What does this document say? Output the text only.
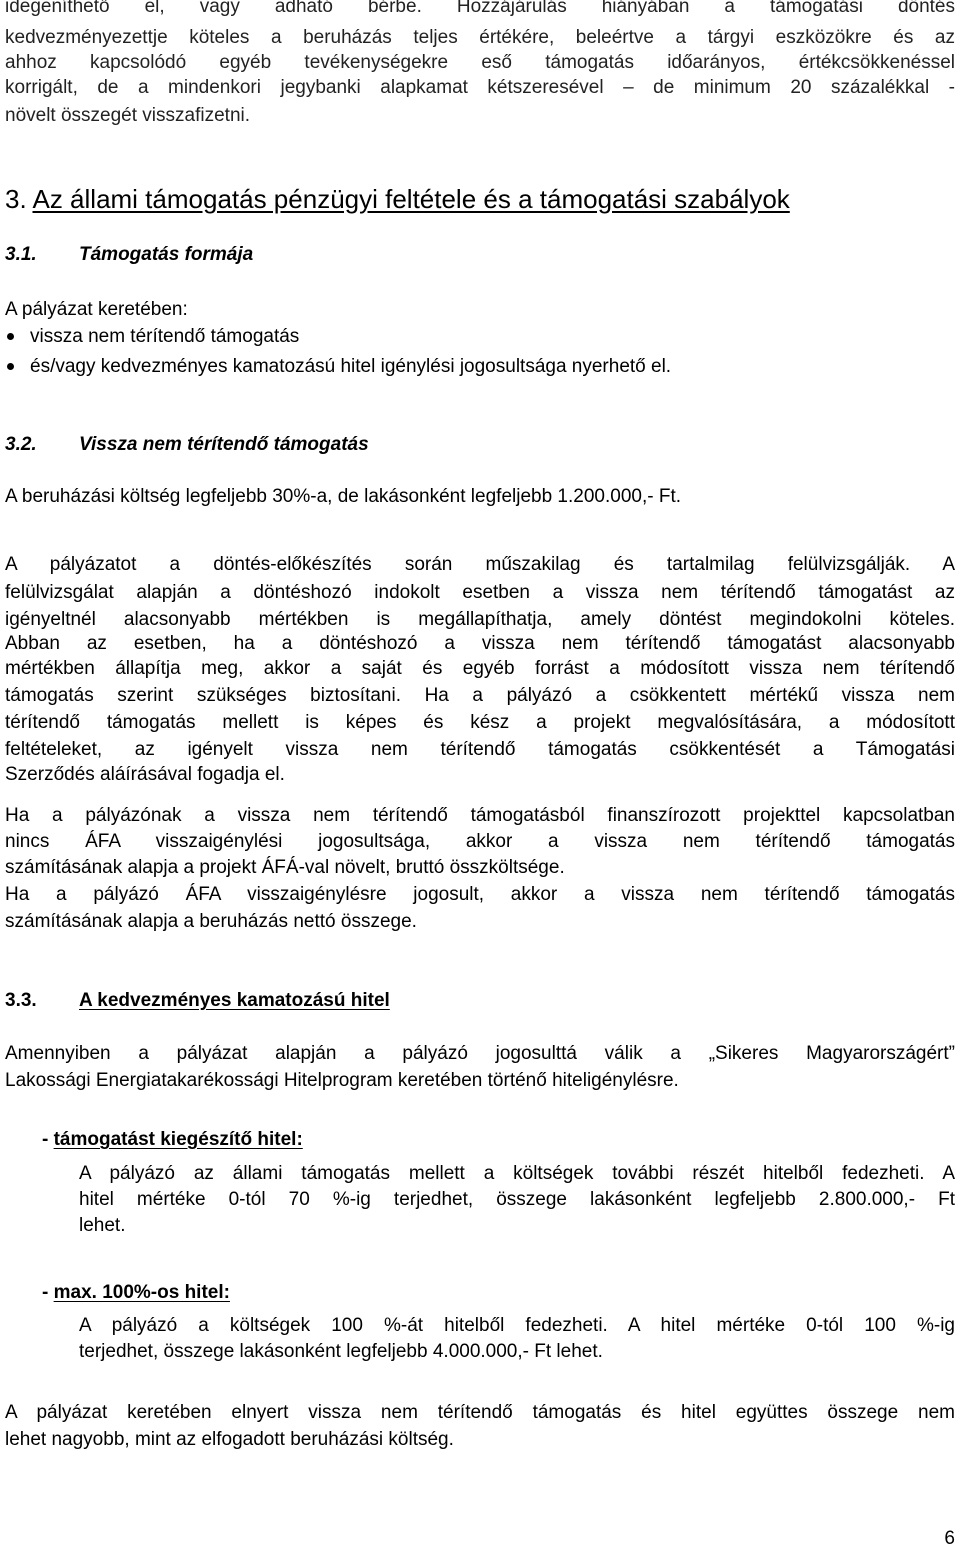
idegeníthető el, vagy adható bérbe. Hozzájárulás hiányában a támogatási döntés
kedvezményezettje köteles a beruházás teljes értékére, beleértve a tárgyi eszközökre és az
ahhoz kapcsolódó egyéb tevékenységekre eső támogatás időarányos, értékcsökkenéssel
korrigált, de a mindenkori jegybanki alapkamat kétszeresével – de minimum 20 százalékkal -
növelt összegét visszafizetni.
3. Az állami támogatás pénzügyi feltétele és a támogatási szabályok
3.1. Támogatás formája
A pályázat keretében:
vissza nem térítendő támogatás
és/vagy kedvezményes kamatozású hitel igénylési jogosultsága nyerhető el.
3.2. Vissza nem térítendő támogatás
A beruházási költség legfeljebb 30%-a, de lakásonként legfeljebb 1.200.000,- Ft.
A pályázatot a döntés-előkészítés során műszakilag és tartalmilag felülvizsgálják. A
felülvizsgálat alapján a döntéshozó indokolt esetben a vissza nem térítendő támogatást az
igényeltnél alacsonyabb mértékben is megállapíthatja, amely döntést megindokolni köteles.
Abban az esetben, ha a döntéshozó a vissza nem térítendő támogatást alacsonyabb
mértékben állapítja meg, akkor a saját és egyéb forrást a módosított vissza nem térítendő
támogatás szerint szükséges biztosítani. Ha a pályázó a csökkentett mértékű vissza nem
térítendő támogatás mellett is képes és kész a projekt megvalósítására, a módosított
feltételeket, az igényelt vissza nem térítendő támogatás csökkentését a Támogatási
Szerződés aláírásával fogadja el.
Ha a pályázónak a vissza nem térítendő támogatásból finanszírozott projekttel kapcsolatban
nincs ÁFA visszaigénylési jogosultsága, akkor a vissza nem térítendő támogatás
számításának alapja a projekt ÁFÁ-val növelt, bruttó összköltsége.
Ha a pályázó ÁFA visszaigénylésre jogosult, akkor a vissza nem térítendő támogatás
számításának alapja a beruházás nettó összege.
3.3. A kedvezményes kamatozású hitel
Amennyiben a pályázat alapján a pályázó jogosulttá válik a „Sikeres Magyarországért”
Lakossági Energiatakarékossági Hitelprogram keretében történő hiteligénylésre.
- támogatást kiegészítő hitel:
A pályázó az állami támogatás mellett a költségek további részét hitelből fedezheti. A
hitel mértéke 0-tól 70 %-ig terjedhet, összege lakásonként legfeljebb 2.800.000,- Ft
lehet.
- max. 100%-os hitel:
A pályázó a költségek 100 %-át hitelből fedezheti. A hitel mértéke 0-tól 100 %-ig
terjedhet, összege lakásonként legfeljebb 4.000.000,- Ft lehet.
A pályázat keretében elnyert vissza nem térítendő támogatás és hitel együttes összege nem
lehet nagyobb, mint az elfogadott beruházási költség.
6
